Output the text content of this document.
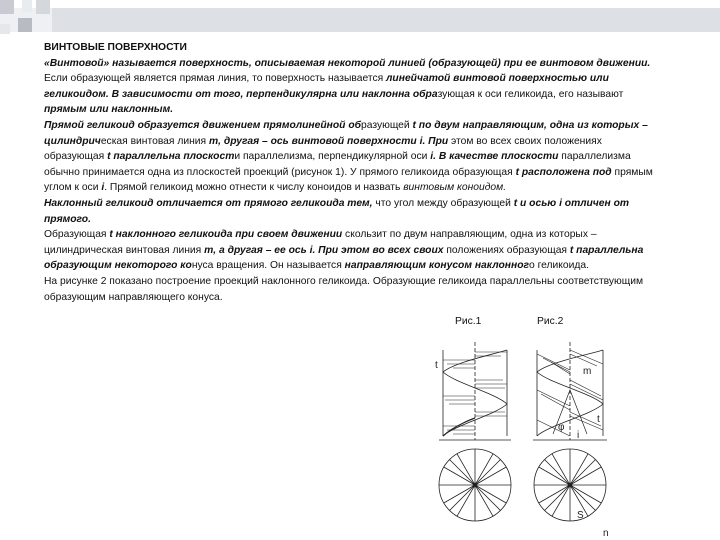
ВИНТОВЫЕ ПОВЕРХНОСТИ

«Винтовой» называется поверхность, описываемая некоторой линией (образующей) при ее винтовом движении.

Если образующей является прямая линия, то поверхность называется линейчатой винтовой поверхностью или геликоидом. В зависимости от того, перпендикулярна или наклонна образующая к оси геликоида, его называют прямым или наклонным.

Прямой геликоид образуется движением прямолинейной образующей t по двум направляющим, одна из которых – цилиндрическая винтовая линия m, другая – ось винтовой поверхности i. При этом во всех своих положениях образующая t параллельна плоскости параллелизма, перпендикулярной оси i. В качестве плоскости параллелизма обычно принимается одна из плоскостей проекций (рисунок 1). У прямого геликоида образующая t расположена под прямым углом к оси i. Прямой геликоид можно отнести к числу коноидов и назвать винтовым коноидом.

Наклонный геликоид отличается от прямого геликоида тем, что угол между образующей t и осью i отличен от прямого.

Образующая t наклонного геликоида при своем движении скользит по двум направляющим, одна из которых – цилиндрическая винтовая линия m, а другая – ее ось i. При этом во всех своих положениях образующая t параллельна образующим некоторого конуса вращения. Он называется направляющим конусом наклонного геликоида.

На рисунке 2 показано построение проекций наклонного геликоида. Образующие геликоида параллельны соответствующим образующим направляющего конуса.

Рис.1	Рис.2
t
m
t
φ
i
S
n
